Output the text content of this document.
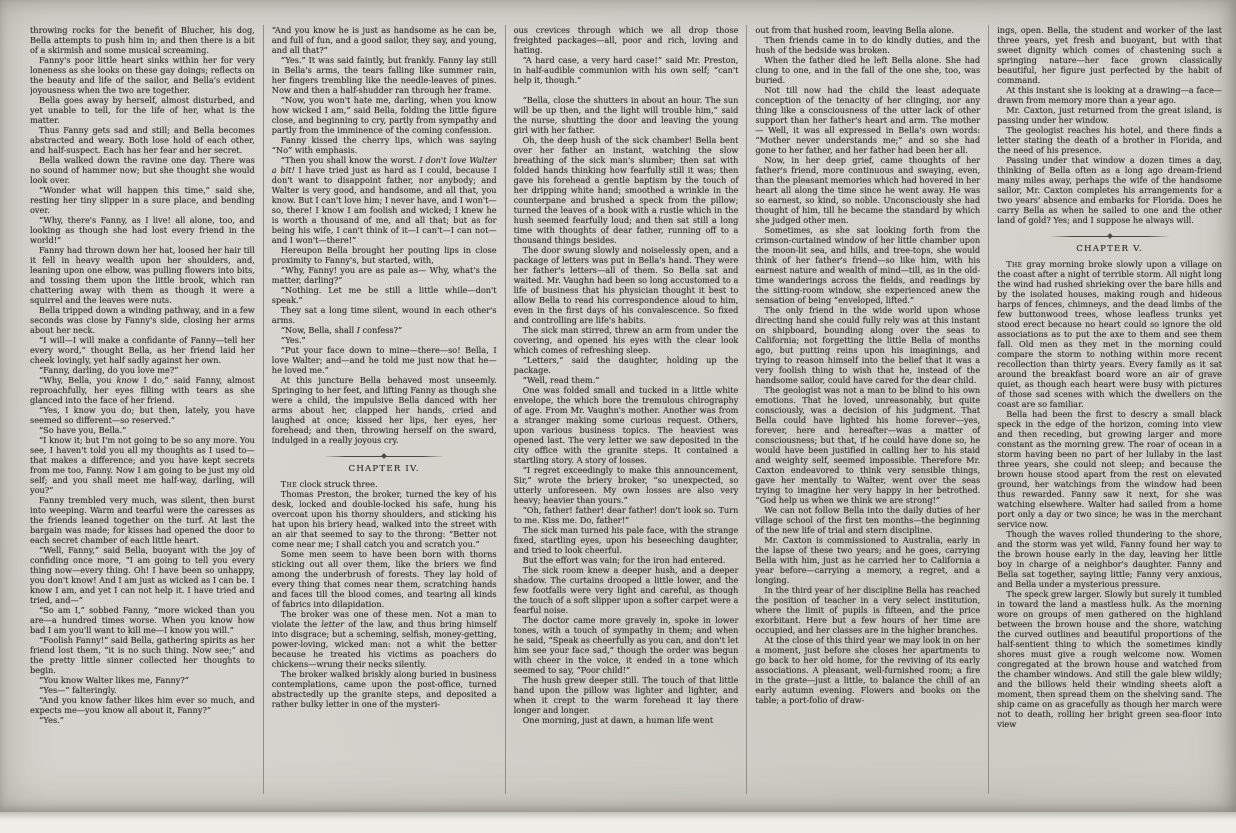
throwing rocks for the benefit of Blucher, his dog, Bella attempts to push him in; and then there is a bit of a skirmish and some musical screaming.

Fanny's poor little heart sinks within her for very loneness as she looks on these gay doings; reflects on the beauty and life of the sailor, and Bella's evident joyousness when the two are together.

Bella goes away by herself, almost disturbed, and yet unable to tell, for the life of her, what is the matter.

Thus Fanny gets sad and still; and Bella becomes abstracted and weary. Both lose hold of each other, and half-suspect. Each has her fear and her secret.

Bella walked down the ravine one day. There was no sound of hammer now; but she thought she would look over.

“Wonder what will happen this time,” said she, resting her tiny slipper in a sure place, and bending over.

“Why, there's Fanny, as I live! all alone, too, and looking as though she had lost every friend in the world!”

Fanny had thrown down her hat, loosed her hair till it fell in heavy wealth upon her shoulders, and, leaning upon one elbow, was pulling flowers into bits, and tossing them upon the little brook, which ran chattering away with them as though it were a squirrel and the leaves were nuts.

Bella tripped down a winding pathway, and in a few seconds was close by Fanny's side, closing her arms about her neck.

“I will—I will make a confidante of Fanny—tell her every word,” thought Bella, as her friend laid her cheek lovingly, yet half sadly against her own.

“Fanny, darling, do you love me?”

“Why, Bella, you know I do,” said Fanny, almost reproachfully, her eyes filling with tears as she glanced into the face of her friend.

“Yes, I know you do; but then, lately, you have seemed so different—so reserved.”

“So have you, Bella.”

“I know it; but I'm not going to be so any more. You see, I haven't told you all my thoughts as I used to—that makes a difference; and you have kept secrets from me too, Fanny. Now I am going to be just my old self; and you shall meet me half-way, darling, will you?”

Fanny trembled very much, was silent, then burst into weeping. Warm and tearful were the caresses as the friends leaned together on the turf. At last the bargain was made; for kisses had opened the door to each secret chamber of each little heart.

“Well, Fanny,” said Bella, buoyant with the joy of confiding once more, “I am going to tell you every thing now—every thing. Oh! I have been so unhappy, you don't know! And I am just as wicked as I can be. I know I am, and yet I can not help it. I have tried and tried, and—”

“So am I,” sobbed Fanny, “more wicked than you are—a hundred times worse. When you know how bad I am you'll want to kill me—I know you will.”

“Foolish Fanny!” said Bella, gathering spirits as her friend lost them, “it is no such thing. Now see;” and the pretty little sinner collected her thoughts to begin.

“You know Walter likes me, Fanny?”

“Yes—” falteringly.

“And you know father likes him ever so much, and expects me—you know all about it, Fanny?”

“Yes.”

“And you know he is just as handsome as he can be, and full of fun, and a good sailor, they say, and young, and all that?”

“Yes.” It was said faintly, but frankly. Fanny lay still in Bella's arms, the tears falling like summer rain, her fingers trembling like the needle-leaves of pines. Now and then a half-shudder ran through her frame.

“Now, you won't hate me, darling, when you know how wicked I am,” said Bella, folding the little figure close, and beginning to cry, partly from sympathy and partly from the imminence of the coming confession.

Fanny kissed the cherry lips, which was saying “No” with emphasis.

“Then you shall know the worst. I don't love Walter a bit! I have tried just as hard as I could, because I don't want to disappoint father, nor anybody; and Walter is very good, and handsome, and all that, you know. But I can't love him; I never have, and I won't—so, there! I know I am foolish and wicked; I knew he is worth a thousand of me, and all that; but as for being his wife, I can't think of it—I can't—I can not—and I won't—there!”

Hereupon Bella brought her pouting lips in close proximity to Fanny's, but started, with,

“Why, Fanny! you are as pale as— Why, what's the matter, darling?”

“Nothing. Let me be still a little while—don't speak.”

They sat a long time silent, wound in each other's arms.

“Now, Bella, shall I confess?”

“Yes.”

“Put your face down to mine—there—so! Bella, I love Walter; and—and he told me just now that he—he loved me.”

At this juncture Bella behaved most unseemly. Springing to her feet, and lifting Fanny as though she were a child, the impulsive Bella danced with her arms about her, clapped her hands, cried and laughed at once; kissed her lips, her eyes, her forehead; and then, throwing herself on the sward, indulged in a really joyous cry.

CHAPTER IV.

The clock struck three.

Thomas Preston, the broker, turned the key of his desk, locked and double-locked his safe, hung his overcoat upon his thorny shoulders, and sticking his hat upon his briery head, walked into the street with an air that seemed to say to the throng: “Better not come near me; I shall catch you and scratch you.”

Some men seem to have been born with thorns sticking out all over them, like the briers we find among the underbrush of forests. They lay hold of every thing that comes near them, scratching hands and faces till the blood comes, and tearing all kinds of fabrics into dilapidation.

The broker was one of these men. Not a man to violate the letter of the law, and thus bring himself into disgrace; but a scheming, selfish, money-getting, power-loving, wicked man: not a whit the better because he treated his victims as poachers do chickens—wrung their necks silently.

The broker walked briskly along buried in business contemplations, came upon the post-office, turned abstractedly up the granite steps, and deposited a rather bulky letter in one of the mysteri-

ous crevices through which we all drop those freighted packages—all, poor and rich, loving and hating.

“A hard case, a very hard case!” said Mr. Preston, in half-audible communion with his own self; “can't help it, though.”

“Bella, close the shutters in about an hour. The sun will be up then, and the light will trouble him,” said the nurse, shutting the door and leaving the young girl with her father.

Oh, the deep hush of the sick chamber! Bella bent over her father an instant, watching the slow breathing of the sick man's slumber; then sat with folded hands thinking how fearfully still it was; then gave his forehead a gentle baptism by the touch of her dripping white hand; smoothed a wrinkle in the counterpane and brushed a speck from the pillow; turned the leaves of a book with a rustle which in the hush seemed fearfully loud; and then sat still a long time with thoughts of dear father, running off to a thousand things besides.

The door swung slowly and noiselessly open, and a package of letters was put in Bella's hand. They were her father's letters—all of them. So Bella sat and waited. Mr. Vaughn had been so long accustomed to a life of business that his physician thought it best to allow Bella to read his correspondence aloud to him, even in the first days of his convalescence. So fixed and controlling are life's habits.

The sick man stirred, threw an arm from under the covering, and opened his eyes with the clear look which comes of refreshing sleep.

“Letters,” said the daughter, holding up the package.

“Well, read them.”

One was folded small and tucked in a little white envelope, the which bore the tremulous chirography of age. From Mr. Vaughn's mother. Another was from a stranger making some curious request. Others, upon various business topics. The heaviest was opened last. The very letter we saw deposited in the city office with the granite steps. It contained a startling story. A story of losses.

“I regret exceedingly to make this announcement, Sir,” wrote the briery broker, “so unexpected, so utterly unforeseen. My own losses are also very heavy; heavier than yours.”

“Oh, father! father! dear father! don't look so. Turn to me. Kiss me. Do, father!”

The sick man turned his pale face, with the strange fixed, startling eyes, upon his beseeching daughter, and tried to look cheerful.

But the effort was vain; for the iron had entered.

The sick room knew a deeper hush, and a deeper shadow. The curtains drooped a little lower, and the few footfalls were very light and careful, as though the touch of a soft slipper upon a softer carpet were a fearful noise.

The doctor came more gravely in, spoke in lower tones, with a touch of sympathy in them; and when he said, “Speak as cheerfully as you can, and don't let him see your face sad,” though the order was begun with cheer in the voice, it ended in a tone which seemed to say, “Poor child!”

The hush grew deeper still. The touch of that little hand upon the pillow was lighter and lighter, and when it crept to the warm forehead it lay there longer and longer.

One morning, just at dawn, a human life went

out from that hushed room, leaving Bella alone.

Then friends came in to do kindly duties, and the hush of the bedside was broken.

When the father died he left Bella alone. She had clung to one, and in the fall of the one she, too, was buried.

Not till now had the child the least adequate conception of the tenacity of her clinging, nor any thing like a consciousness of the utter lack of other support than her father's heart and arm. The mother— Well, it was all expressed in Bella's own words: “Mother never understands me;” and so she had gone to her father, and her father had been her all.

Now, in her deep grief, came thoughts of her father's friend, more continuous and swaying, even, than the pleasant memories which had hovered in her heart all along the time since he went away. He was so earnest, so kind, so noble. Unconsciously she had thought of him, till he became the standard by which she judged other men.

Sometimes, as she sat looking forth from the crimson-curtained window of her little chamber upon the moon-lit sea, and hills, and tree-tops, she would think of her father's friend—so like him, with his earnest nature and wealth of mind—till, as in the old-time wanderings across the fields, and readings by the sitting-room window, she experienced anew the sensation of being “enveloped, lifted.”

The only friend in the wide world upon whose directing hand she could fully rely was at this instant on shipboard, bounding along over the seas to California; not forgetting the little Bella of months ago, but putting reins upon his imaginings, and trying to reason himself into the belief that it was a very foolish thing to wish that he, instead of the handsome sailor, could have cared for the dear child.

The geologist was not a man to be blind to his own emotions. That he loved, unreasonably, but quite consciously, was a decision of his judgment. That Bella could have lighted his home forever—yes, forever, here and hereafter—was a matter of consciousness; but that, if he could have done so, he would have been justified in calling her to his staid and weighty self, seemed impossible. Therefore Mr. Caxton endeavored to think very sensible things, gave her mentally to Walter, went over the seas trying to imagine her very happy in her betrothed. “God help us when we think we are strong!”

We can not follow Bella into the daily duties of her village school of the first ten months—the beginning of the new life of trial and stern discipline.

Mr. Caxton is commissioned to Australia, early in the lapse of these two years; and he goes, carrying Bella with him, just as he carried her to California a year before—carrying a memory, a regret, and a longing.

In the third year of her discipline Bella has reached the position of teacher in a very select institution, where the limit of pupils is fifteen, and the price exorbitant. Here but a few hours of her time are occupied, and her classes are in the higher branches.

At the close of this third year we may look in on her a moment, just before she closes her apartments to go back to her old home, for the reviving of its early associations. A pleasant, well-furnished room; a fire in the grate—just a little, to balance the chill of an early autumn evening. Flowers and books on the table; a port-folio of draw-

ings, open. Bella, the student and worker of the last three years, yet fresh and buoyant, but with that sweet dignity which comes of chastening such a springing nature—her face grown classically beautiful, her figure just perfected by the habit of command.

At this instant she is looking at a drawing—a face—drawn from memory more than a year ago.

Mr. Caxton, just returned from the great island, is passing under her window.

The geologist reaches his hotel, and there finds a letter stating the death of a brother in Florida, and the need of his presence.

Passing under that window a dozen times a day, thinking of Bella often as a long ago dream-friend many miles away, perhaps the wife of the handsome sailor, Mr. Caxton completes his arrangements for a two years' absence and embarks for Florida. Does he carry Bella as when he sailed to one and the other land of gold? Yes; and I suppose he always will.

CHAPTER V.

The gray morning broke slowly upon a village on the coast after a night of terrible storm. All night long the wind had rushed shrieking over the bare hills and by the isolated houses, making rough and hideous harps of fences, chimneys, and the dead limbs of the few buttonwood trees, whose leafless trunks yet stood erect because no heart could so ignore the old associations as to put the axe to them and see them fall. Old men as they met in the morning could compare the storm to nothing within more recent recollection than thirty years. Every family as it sat around the breakfast board wore an air of grave quiet, as though each heart were busy with pictures of those sad scenes with which the dwellers on the coast are so familiar.

Bella had been the first to descry a small black speck in the edge of the horizon, coming into view and then receding, but growing larger and more constant as the morning grew. The roar of ocean in a storm having been no part of her lullaby in the last three years, she could not sleep; and because the brown house stood apart from the rest on elevated ground, her watchings from the window had been thus rewarded. Fanny saw it next, for she was watching elsewhere. Walter had sailed from a home port only a day or two since; he was in the merchant service now.

Though the waves rolled thundering to the shore, and the storm was yet wild, Fanny found her way to the brown house early in the day, leaving her little boy in charge of a neighbor's daughter. Fanny and Bella sat together, saying little; Fanny very anxious, and Bella under a mysterious pressure.

The speck grew larger. Slowly but surely it tumbled in toward the land a mastless hulk. As the morning wore on groups of men gathered on the highland between the brown house and the shore, watching the curved outlines and beautiful proportions of the half-sentient thing to which the sometimes kindly shores must give a rough welcome now. Women congregated at the brown house and watched from the chamber windows. And still the gale blew wildly; and the billows held their winding sheets aloft a moment, then spread them on the shelving sand. The ship came on as gracefully as though her march were not to death, rolling her bright green sea-floor into view
